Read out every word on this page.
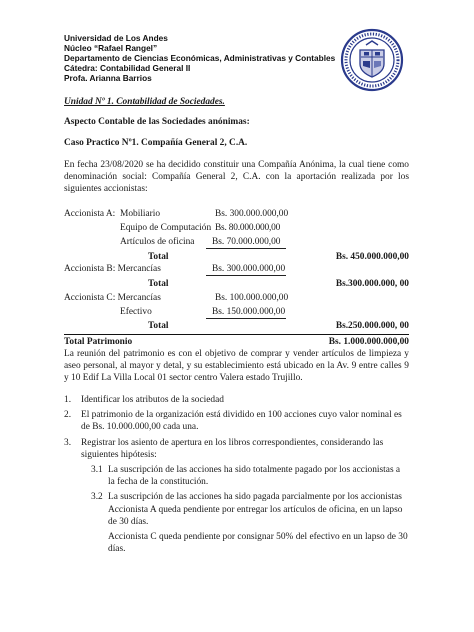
Universidad de Los Andes
Núcleo “Rafael Rangel”
Departamento de Ciencias Económicas, Administrativas y Contables
Cátedra: Contabilidad General II
Profa. Arianna Barrios
Unidad Nº 1. Contabilidad de Sociedades.
Aspecto Contable de las Sociedades anónimas:
Caso Practico Nº1. Compañía General 2, C.A.

En fecha 23/08/2020 se ha decidido constituir una Compañía Anónima, la cual tiene como denominación social: Compañía General 2, C.A. con la aportación realizada por los siguientes accionistas:

Accionista A: Mobiliario	Bs. 300.000.000,00
Equipo de Computación Bs. 80.000.000,00
Artículos de oficina Bs. 70.000.000,00
Total	Bs. 450.000.000,00
Accionista B: Mercancías	Bs. 300.000.000,00
Total	Bs.300.000.000, 00
Accionista C: Mercancías	Bs. 100.000.000,00
Efectivo	Bs. 150.000.000,00
Total	Bs.250.000.000, 00
Total Patrimonio	Bs. 1.000.000.000,00

La reunión del patrimonio es con el objetivo de comprar y vender artículos de limpieza y aseo personal, al mayor y detal, y su establecimiento está ubicado en la Av. 9 entre calles 9 y 10 Edif La Villa Local 01 sector centro Valera estado Trujillo.

1.	Identificar los atributos de la sociedad
2.	El patrimonio de la organización está dividido en 100 acciones cuyo valor nominal es de Bs. 10.000.000,00 cada una.
3.	Registrar los asiento de apertura en los libros correspondientes, considerando las siguientes hipótesis:
3.1 La suscripción de las acciones ha sido totalmente pagado por los accionistas a la fecha de la constitución.
3.2 La suscripción de las acciones ha sido pagada parcialmente por los accionistas
Accionista A queda pendiente por entregar los artículos de oficina, en un lapso de 30 días.
Accionista C queda pendiente por consignar 50% del efectivo en un lapso de 30 días.
